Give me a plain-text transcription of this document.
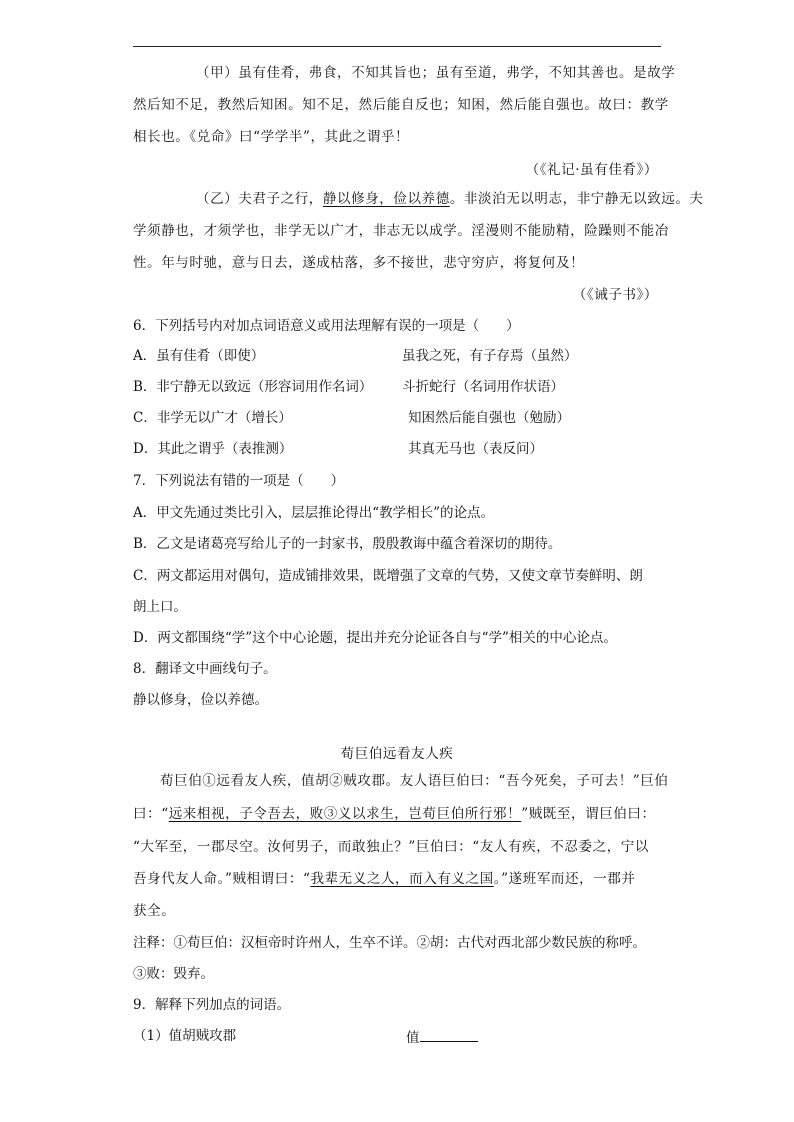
（甲）虽有佳肴，弗食，不知其旨也；虽有至道，弗学，不知其善也。是故学
然后知不足，教然后知困。知不足，然后能自反也；知困，然后能自强也。故曰：教学
相长也。《兑命》曰“学学半”，其此之谓乎！
（《礼记·虽有佳肴》）
（乙）夫君子之行，静以修身，俭以养德。非淡泊无以明志，非宁静无以致远。夫
学须静也，才须学也，非学无以广才，非志无以成学。淫漫则不能励精，险躁则不能冶
性。年与时驰，意与日去，遂成枯落，多不接世，悲守穷庐，将复何及！
（《诫子书》）
6．下列括号内对加点词语意义或用法理解有误的一项是（　　）
A．虽有佳肴（即使）	虽我之死，有子存焉（虽然）
B．非宁静无以致远（形容词用作名词） 斗折蛇行（名词用作状语）
C．非学无以广才（增长）	知困然后能自强也（勉励）
D．其此之谓乎（表推测）	其真无马也（表反问）
7．下列说法有错的一项是（　　）
A．甲文先通过类比引入，层层推论得出“教学相长”的论点。
B．乙文是诸葛亮写给儿子的一封家书，殷殷教诲中蕴含着深切的期待。
C．两文都运用对偶句，造成铺排效果，既增强了文章的气势，又使文章节奏鲜明、朗
朗上口。
D．两文都围绕“学”这个中心论题，提出并充分论证各自与“学”相关的中心论点。
8．翻译文中画线句子。
静以修身，俭以养德。
荀巨伯远看友人疾
荀巨伯①远看友人疾，值胡②贼攻郡。友人语巨伯曰：“吾今死矣，子可去！”巨伯
曰：“远来相视，子令吾去，败③义以求生，岂荀巨伯所行邪！”贼既至，谓巨伯曰：
“大军至，一郡尽空。汝何男子，而敢独止？”巨伯曰：“友人有疾，不忍委之，宁以
吾身代友人命。”贼相谓曰：“我辈无义之人，而入有义之国。”遂班军而还，一郡并
获全。
注释：①荀巨伯：汉桓帝时许州人，生卒不详。②胡：古代对西北部少数民族的称呼。
③败：毁弃。
9．解释下列加点的词语。
（1）值胡贼攻郡	值
